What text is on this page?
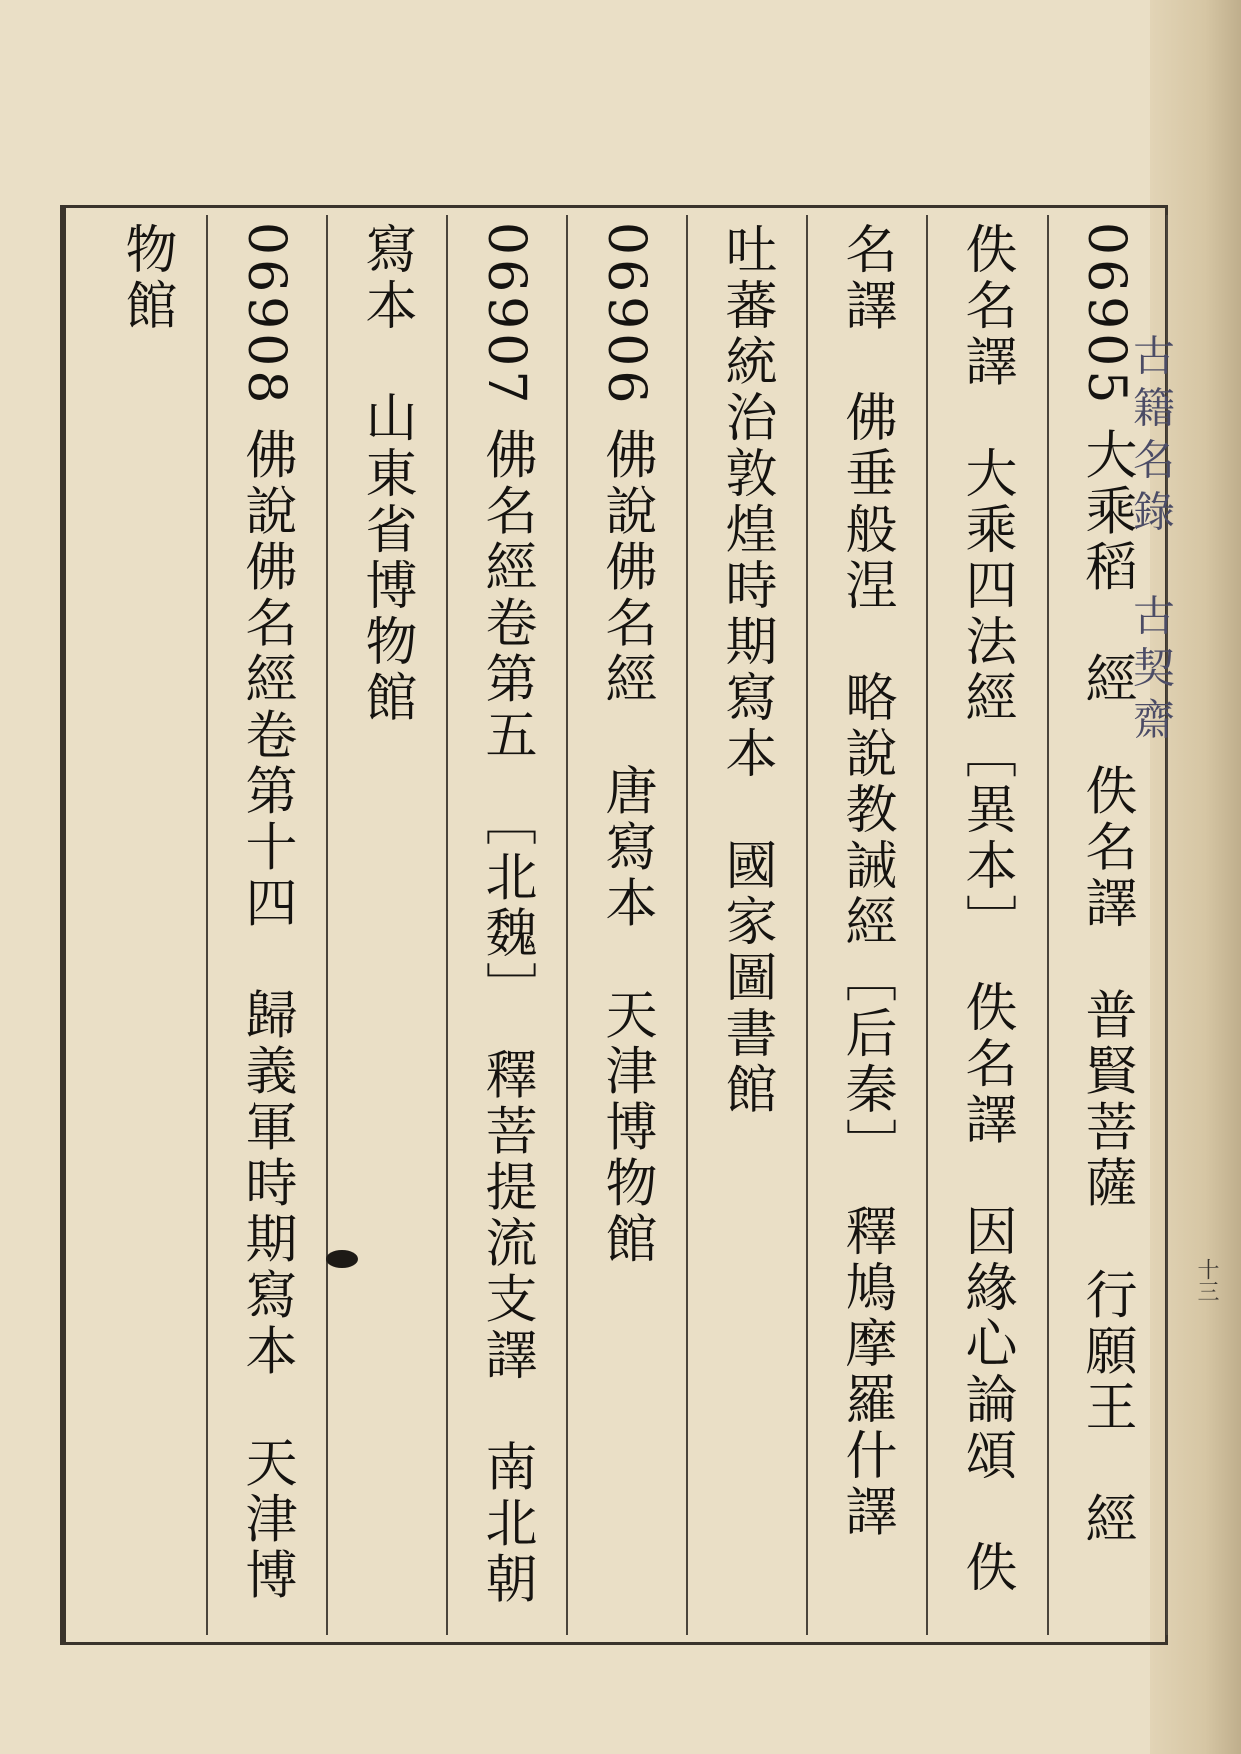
06905 大乘稻　經　佚名譯　普賢菩薩　行願王　經
佚名譯　大乘四法經［異本］　佚名譯　因緣心論頌　佚
名譯　佛垂般涅　略說教誡經［后秦］　釋鳩摩羅什譯
吐蕃統治敦煌時期寫本　國家圖書館
06906 佛說佛名經　唐寫本　天津博物館
06907 佛名經卷第五　［北魏］　釋菩提流支譯　南北朝
寫本　山東省博物館
06908 佛說佛名經卷第十四　歸義軍時期寫本　天津博
物館

古籍名錄　古契齋

十三
